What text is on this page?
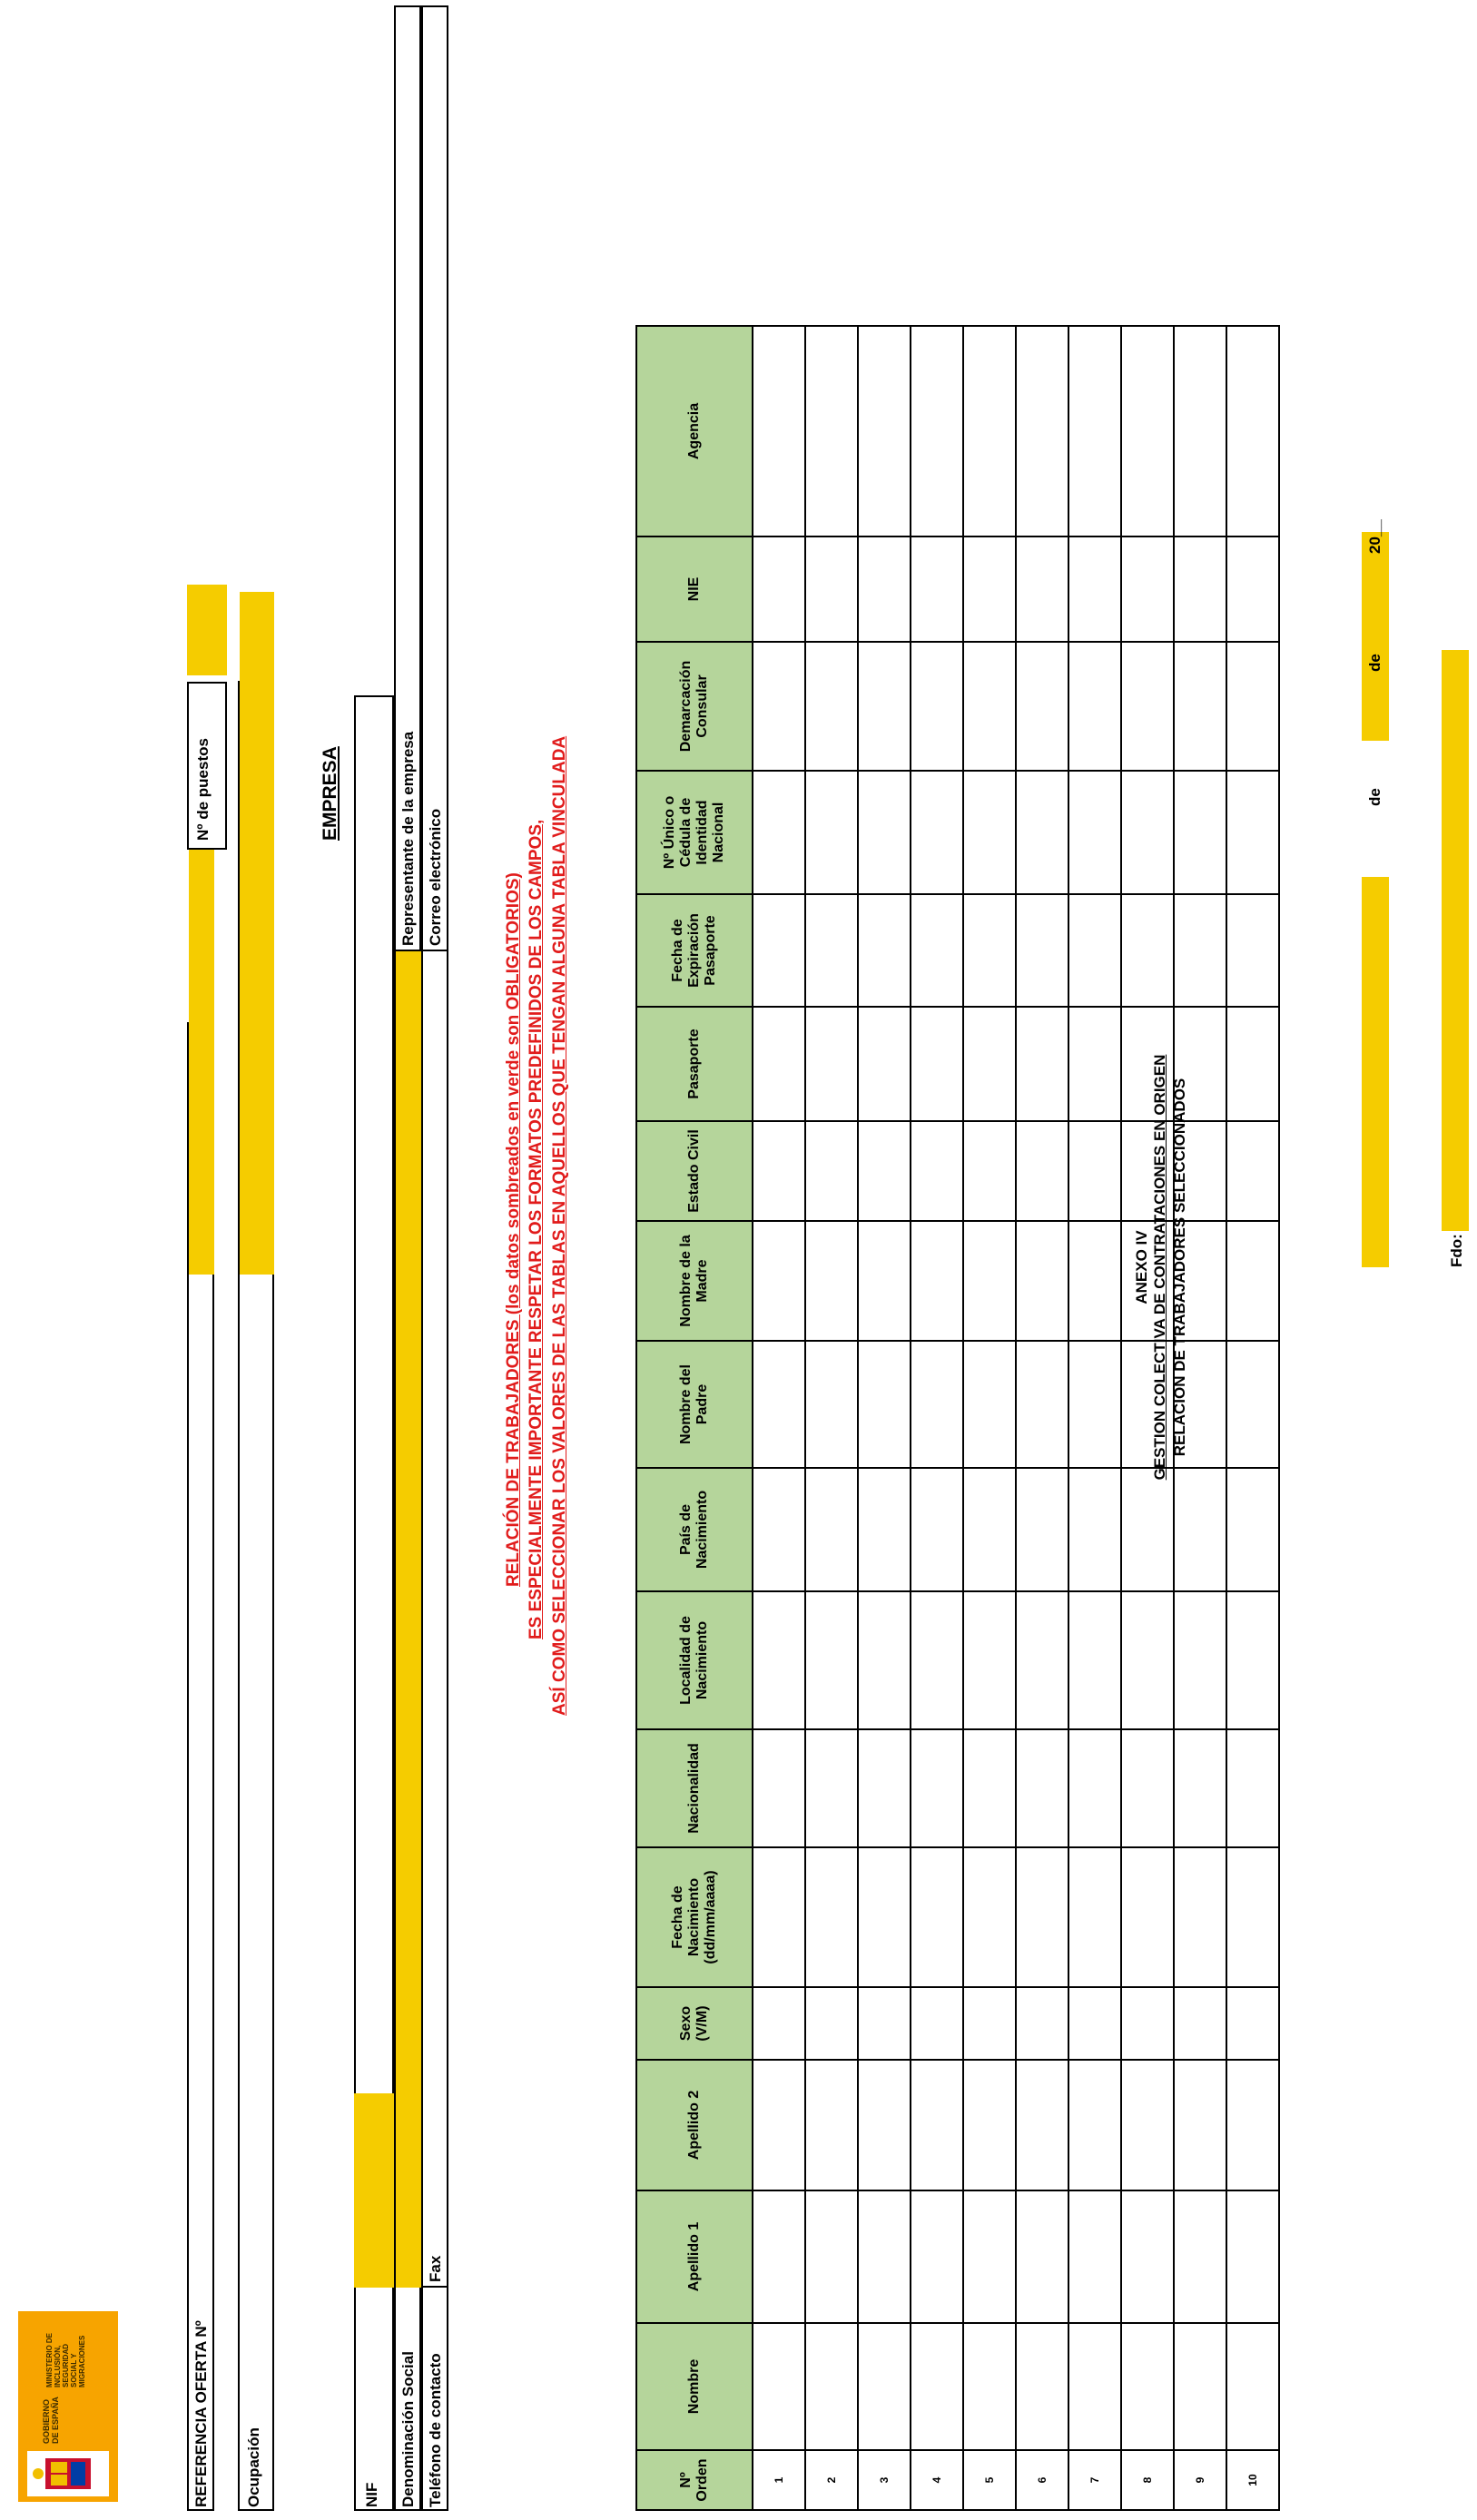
GOBIERNO DE ESPAÑA
MINISTERIO DE INCLUSIÓN, SEGURIDAD SOCIAL Y MIGRACIONES
ANEXO IV GESTION COLECTIVA DE CONTRATACIONES EN ORIGEN RELACION DE TRABAJADORES SELECCIONADOS
REFERENCIA OFERTA Nº
Nº de puestos
Ocupación
EMPRESA
NIF Denominación Social
Representante de la empresa
Teléfono de contacto
Fax
Correo electrónico	RELACIÓN DE TRABAJADORES (los datos sombreados en verde son OBLIGATORIOS) ES ESPECIALMENTE IMPORTANTE RESPETAR LOS FORMATOS PREDEFINIDOS DE LOS CAMPOS, ASÍ COMO SELECCIONAR LOS VALORES DE LAS TABLAS EN AQUELLOS QUE TENGAN ALGUNA TABLA VINCULADA
Nº Orden	Nombre	Apellido 1	Apellido 2	Sexo (V/M)	Fecha de Nacimiento (dd/mm/aaaa)	Nacionalidad	Localidad de Nacimiento	País de Nacimiento	Nombre del Padre	Nombre de la Madre	Estado Civil	Pasaporte	Fecha de Expiración Pasaporte	Nº Único o Cédula de Identidad Nacional	Demarcación Consular	NIE	Agencia
1																	
2																	
3																	
4																	
5																	
6																	
7																	
8																	
9																	
10																	
de
de
20__
Fdo:
